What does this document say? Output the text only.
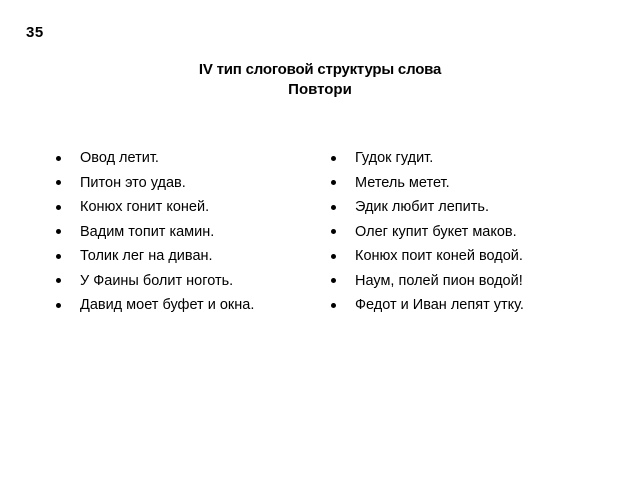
35
IV тип слоговой структуры слова
Повтори
Овод летит.
Питон это удав.
Конюх гонит коней.
Вадим топит камин.
Толик лег на диван.
У Фаины болит ноготь.
Давид моет буфет и окна.
Гудок гудит.
Метель метет.
Эдик любит лепить.
Олег купит букет маков.
Конюх поит коней водой.
Наум, полей пион водой!
Федот и Иван лепят утку.
